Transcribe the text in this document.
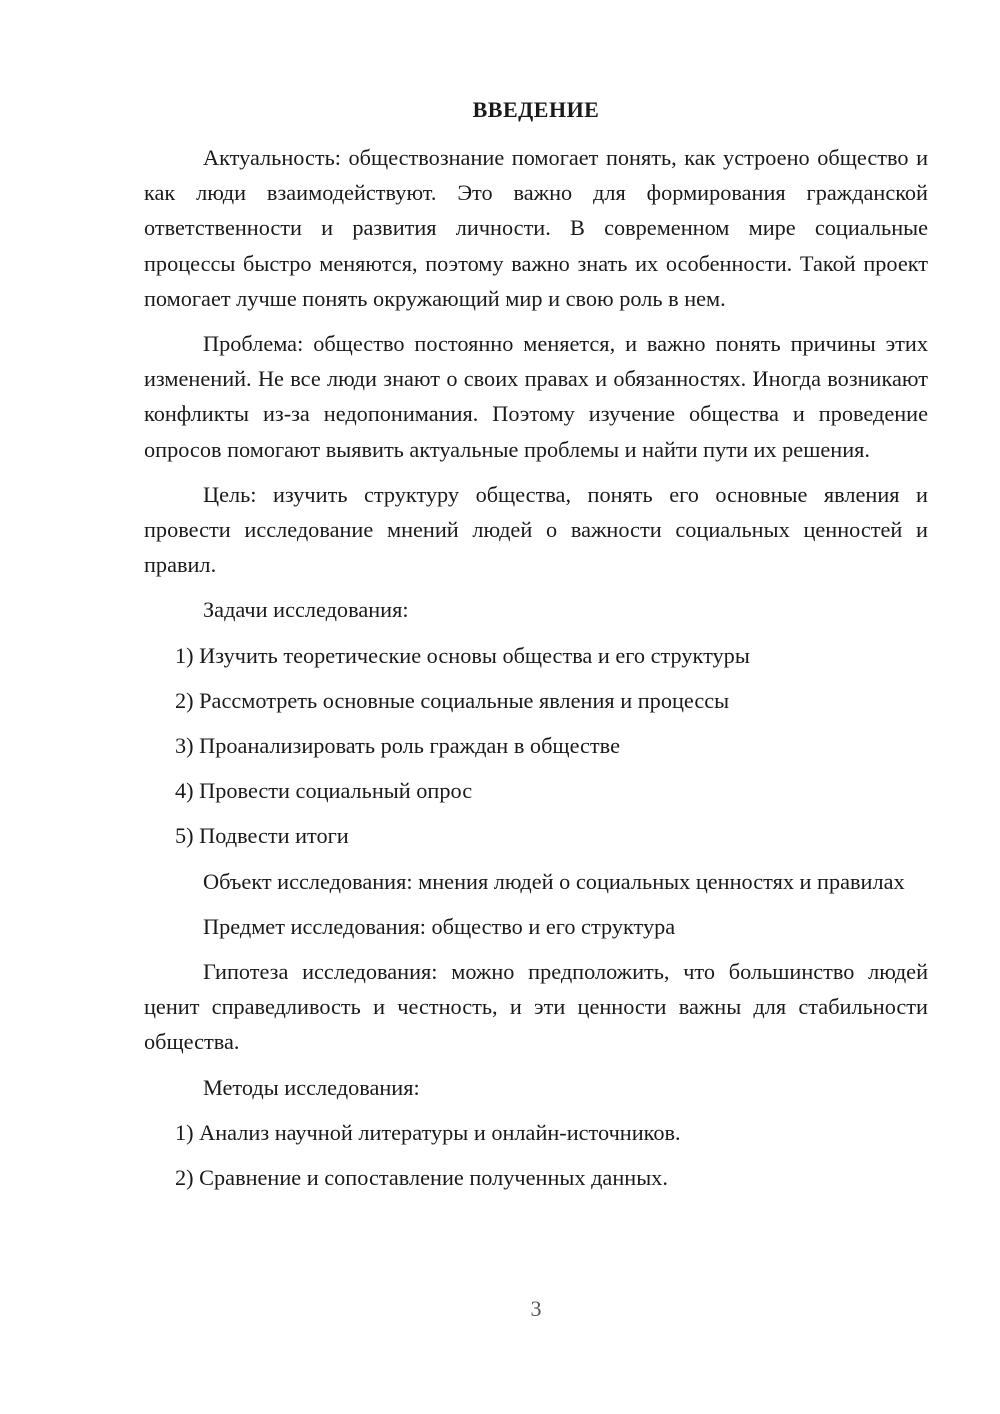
ВВЕДЕНИЕ

Актуальность: обществознание помогает понять, как устроено общество и как люди взаимодействуют. Это важно для формирования гражданской ответственности и развития личности. В современном мире социальные процессы быстро меняются, поэтому важно знать их особенности. Такой проект помогает лучше понять окружающий мир и свою роль в нем.

Проблема: общество постоянно меняется, и важно понять причины этих изменений. Не все люди знают о своих правах и обязанностях. Иногда возникают конфликты из-за недопонимания. Поэтому изучение общества и проведение опросов помогают выявить актуальные проблемы и найти пути их решения.

Цель: изучить структуру общества, понять его основные явления и провести исследование мнений людей о важности социальных ценностей и правил.

Задачи исследования:

1) Изучить теоретические основы общества и его структуры

2) Рассмотреть основные социальные явления и процессы

3) Проанализировать роль граждан в обществе

4) Провести социальный опрос

5) Подвести итоги

Объект исследования: мнения людей о социальных ценностях и правилах

Предмет исследования: общество и его структура

Гипотеза исследования: можно предположить, что большинство людей ценит справедливость и честность, и эти ценности важны для стабильности общества.

Методы исследования:

1) Анализ научной литературы и онлайн-источников.

2) Сравнение и сопоставление полученных данных.

3
